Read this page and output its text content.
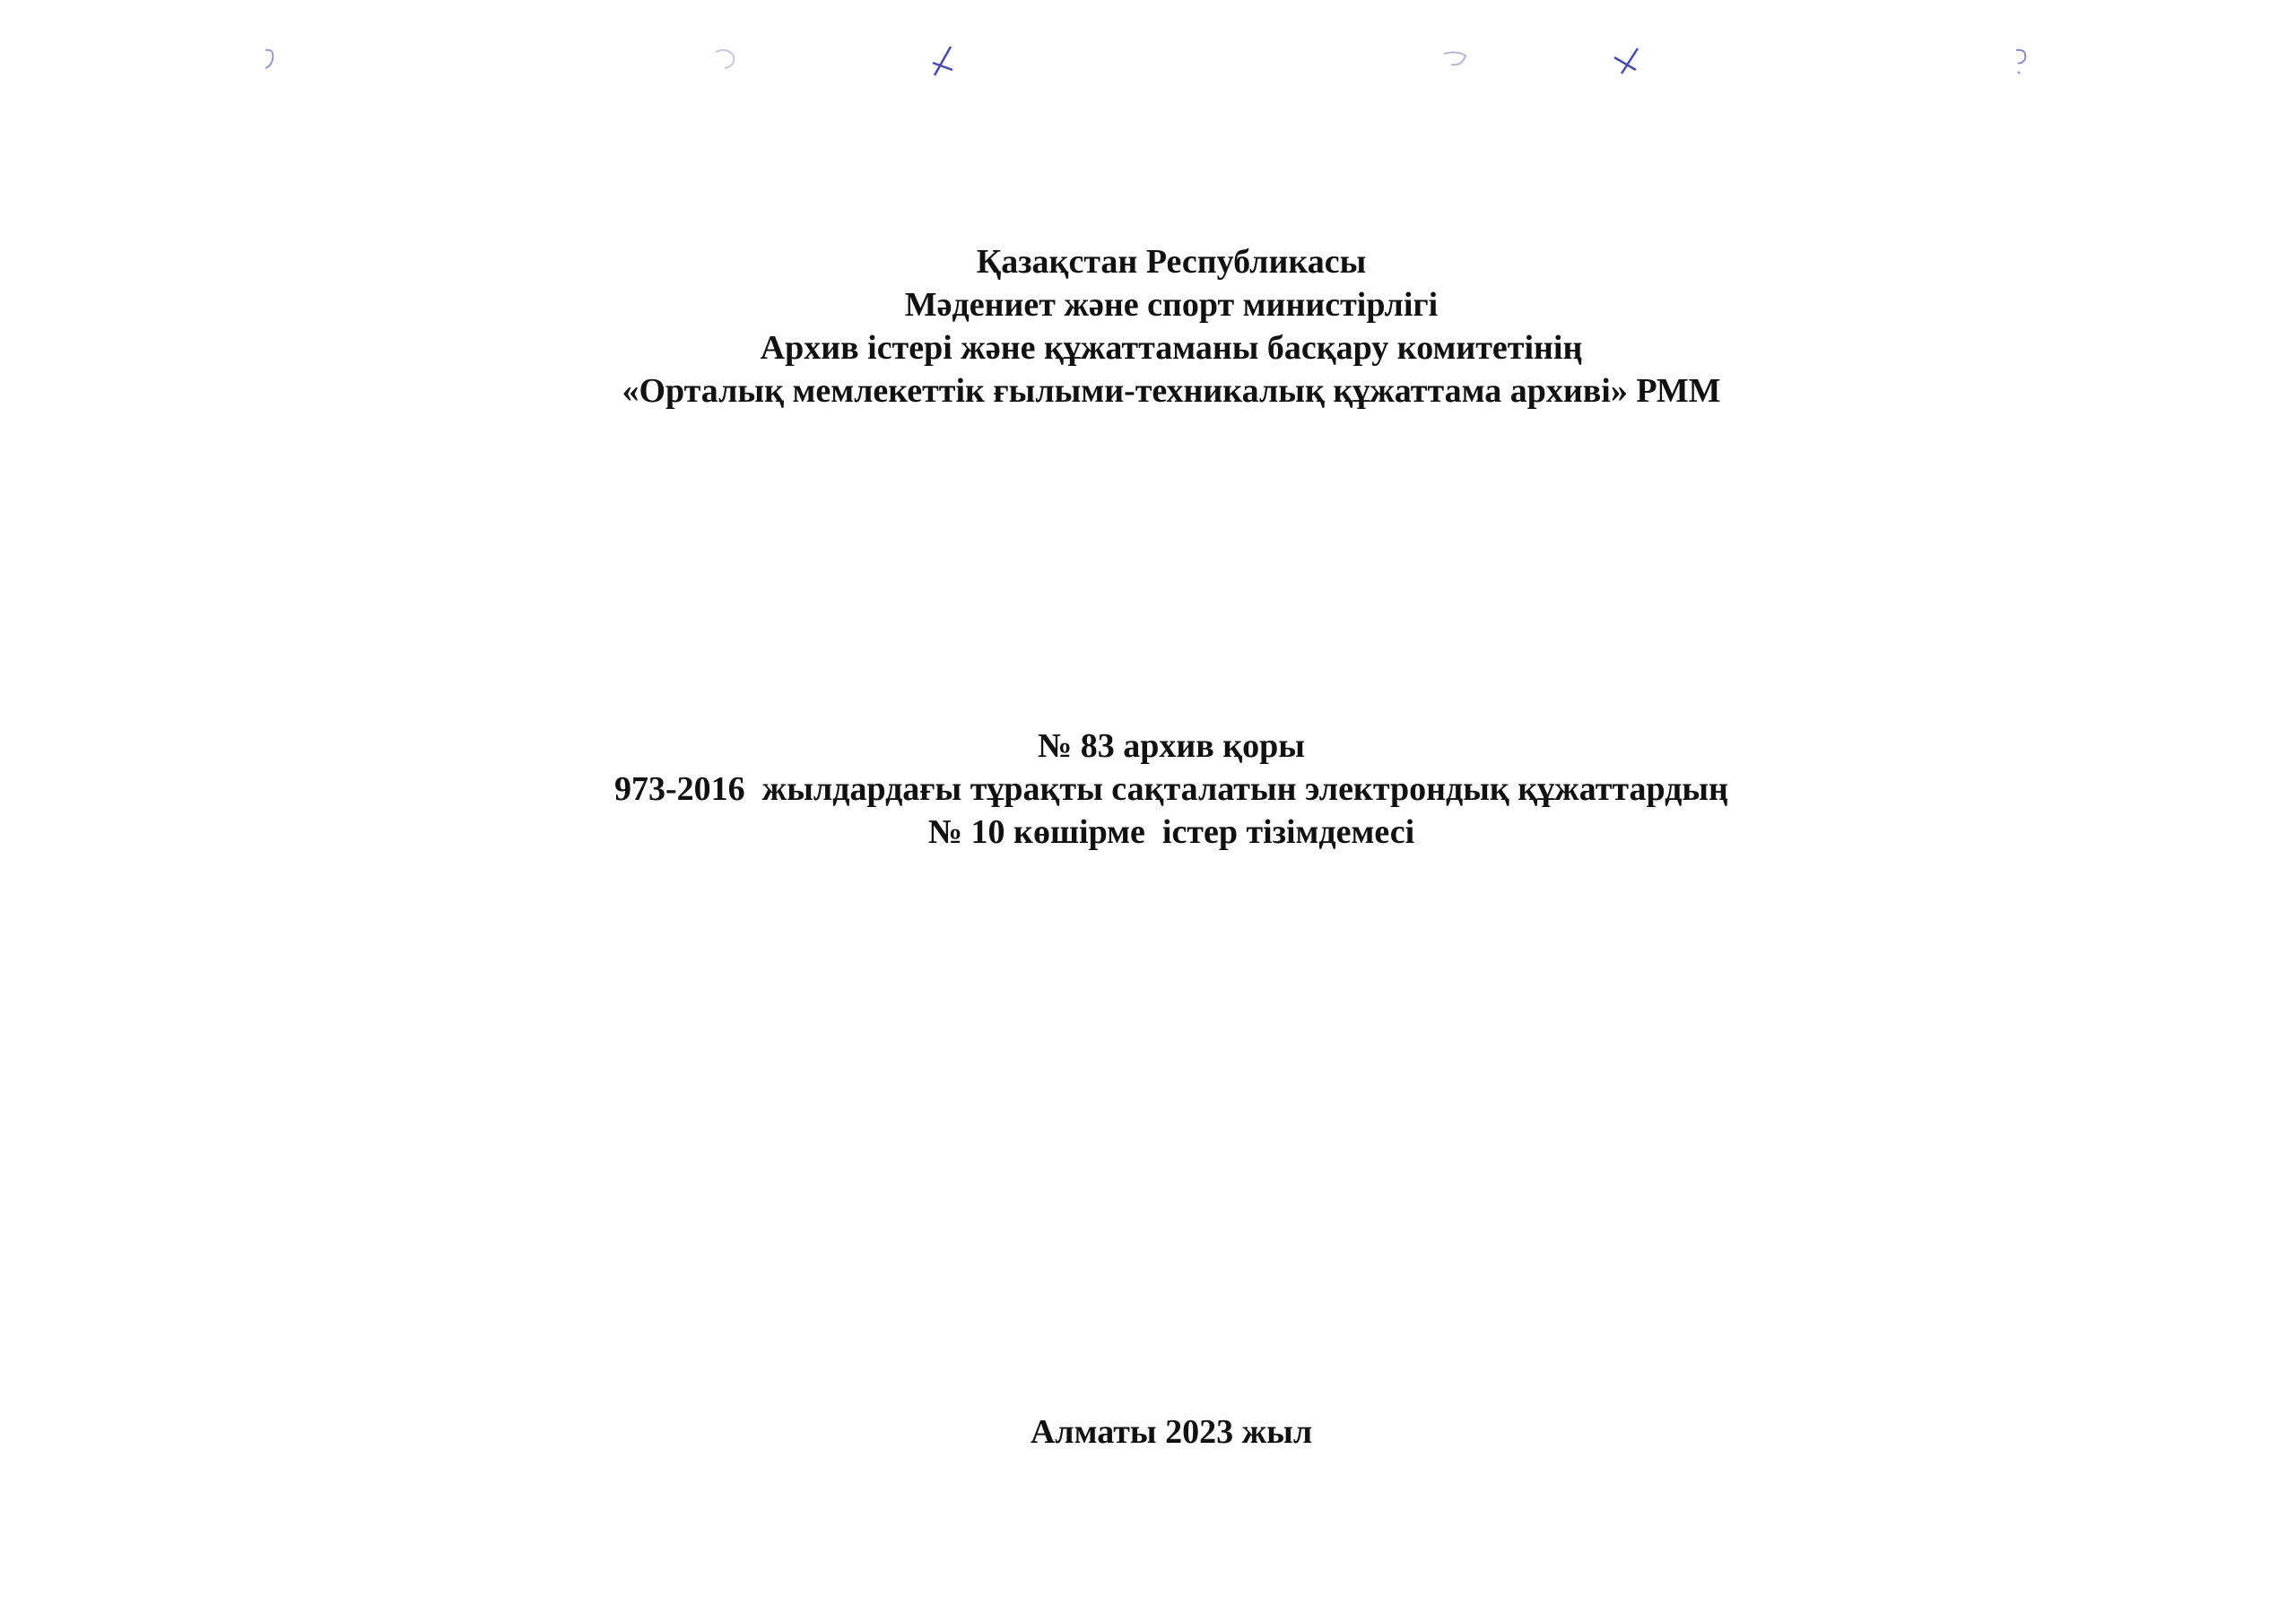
Қазақстан Республикасы
Мәдениет және спорт министірлігі
Архив істері және құжаттаманы басқару комитетінің
«Орталық мемлекеттік ғылыми-техникалық құжаттама архиві» РММ
№ 83 архив қоры
973-2016  жылдардағы тұрақты сақталатын электрондық құжаттардың
№ 10 көшірме  істер тізімдемесі
Алматы 2023 жыл
